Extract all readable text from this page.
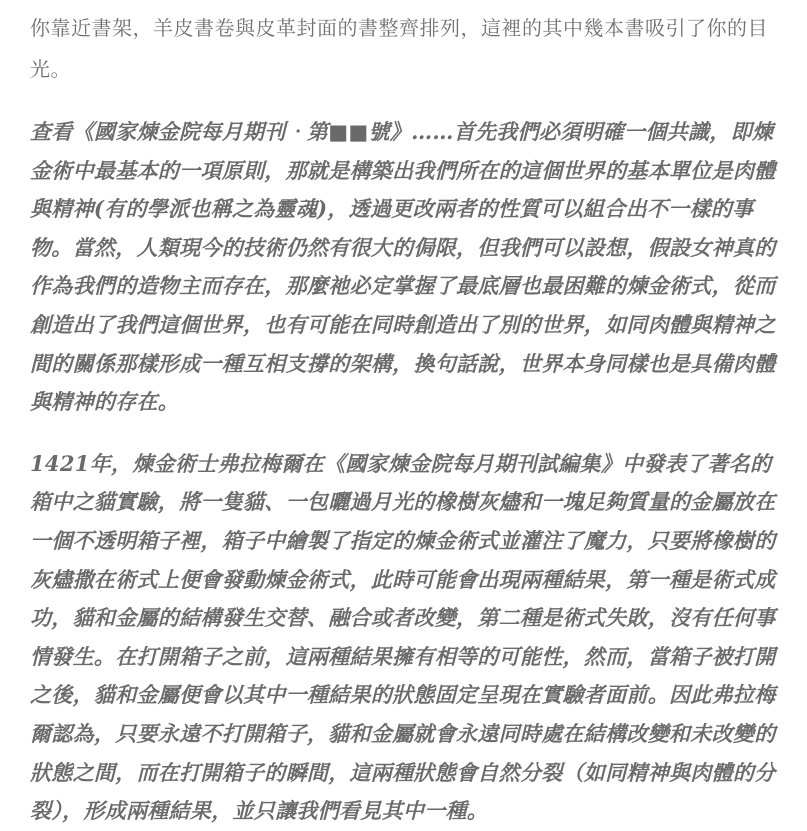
你靠近書架，羊皮書卷與皮革封面的書整齊排列，這裡的其中幾本書吸引了你的目光。

查看《國家煉金院每月期刊‧第■■號》……首先我們必須明確一個共識，即煉金術中最基本的一項原則，那就是構築出我們所在的這個世界的基本單位是肉體與精神(有的學派也稱之為靈魂)，透過更改兩者的性質可以組合出不一樣的事物。當然，人類現今的技術仍然有很大的侷限，但我們可以設想，假設女神真的作為我們的造物主而存在，那麼祂必定掌握了最底層也最困難的煉金術式，從而創造出了我們這個世界，也有可能在同時創造出了別的世界，如同肉體與精神之間的關係那樣形成一種互相支撐的架構，換句話說，世界本身同樣也是具備肉體與精神的存在。

1421年，煉金術士弗拉梅爾在《國家煉金院每月期刊試編集》中發表了著名的箱中之貓實驗，將一隻貓、一包曬過月光的橡樹灰燼和一塊足夠質量的金屬放在一個不透明箱子裡，箱子中繪製了指定的煉金術式並灌注了魔力，只要將橡樹的灰燼撒在術式上便會發動煉金術式，此時可能會出現兩種結果，第一種是術式成功，貓和金屬的結構發生交替、融合或者改變，第二種是術式失敗，沒有任何事情發生。在打開箱子之前，這兩種結果擁有相等的可能性，然而，當箱子被打開之後，貓和金屬便會以其中一種結果的狀態固定呈現在實驗者面前。因此弗拉梅爾認為，只要永遠不打開箱子，貓和金屬就會永遠同時處在結構改變和未改變的狀態之間，而在打開箱子的瞬間，這兩種狀態會自然分裂（如同精神與肉體的分裂），形成兩種結果，並只讓我們看見其中一種。
